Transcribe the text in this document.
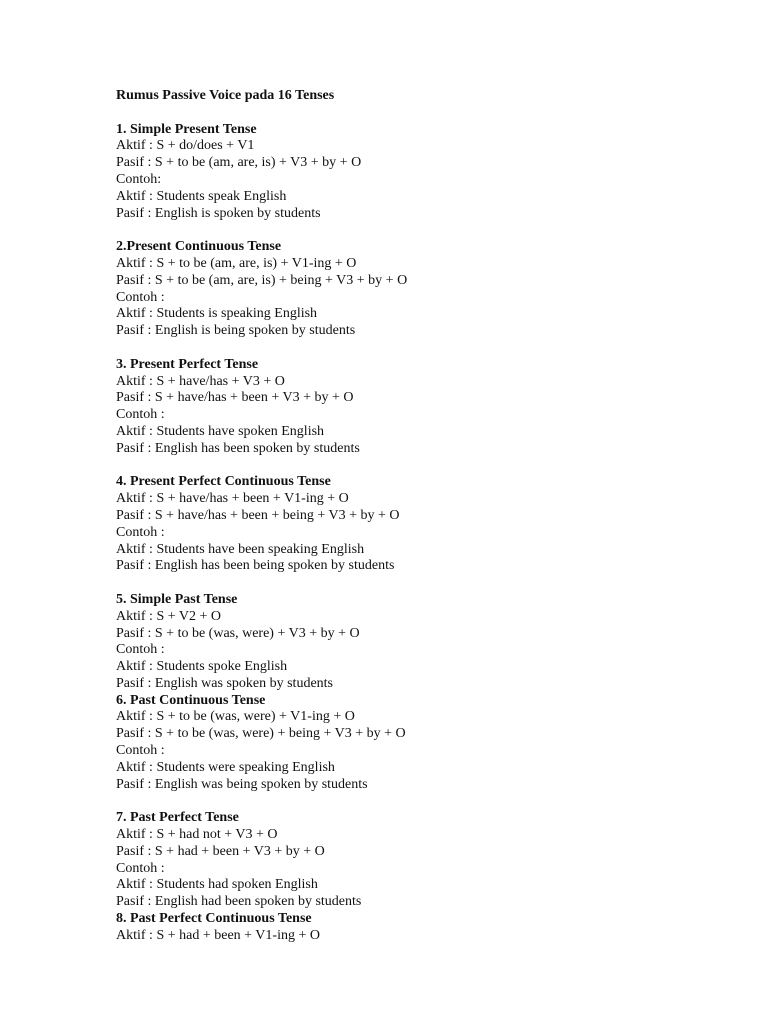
Rumus Passive Voice pada 16 Tenses
1. Simple Present Tense
Aktif : S + do/does + V1
Pasif : S + to be (am, are, is) + V3 + by + O
Contoh:
Aktif : Students speak English
Pasif : English is spoken by students
2.Present Continuous Tense
Aktif : S + to be (am, are, is) + V1-ing + O
Pasif : S + to be (am, are, is) + being + V3 + by + O
Contoh :
Aktif : Students is speaking English
Pasif : English is being spoken by students
3. Present Perfect Tense
Aktif : S + have/has + V3 + O
Pasif : S + have/has + been + V3 + by + O
Contoh :
Aktif : Students have spoken English
Pasif : English has been spoken by students
4. Present Perfect Continuous Tense
Aktif : S + have/has + been + V1-ing + O
Pasif : S + have/has + been + being + V3 + by + O
Contoh :
Aktif : Students have been speaking English
Pasif : English has been being spoken by students
5. Simple Past Tense
Aktif : S + V2 + O
Pasif : S + to be (was, were) + V3 + by + O
Contoh :
Aktif : Students spoke English
Pasif : English was spoken by students
6. Past Continuous Tense
Aktif : S + to be (was, were) + V1-ing + O
Pasif : S + to be (was, were) + being + V3 + by + O
Contoh :
Aktif : Students were speaking English
Pasif : English was being spoken by students
7. Past Perfect Tense
Aktif : S + had not + V3 + O
Pasif : S + had + been + V3 + by + O
Contoh :
Aktif : Students had spoken English
Pasif : English had been spoken by students
8. Past Perfect Continuous Tense
Aktif : S + had + been + V1-ing + O
